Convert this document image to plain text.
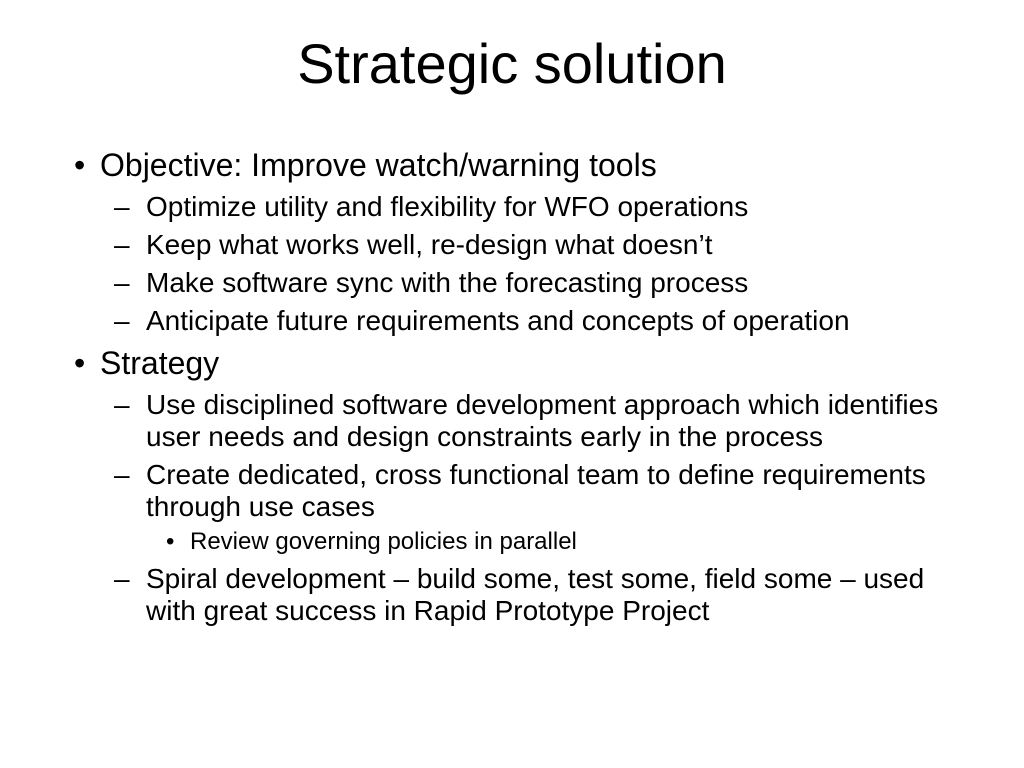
Strategic solution
• Objective: Improve watch/warning tools
– Optimize utility and flexibility for WFO operations
– Keep what works well, re-design what doesn’t
– Make software sync with the forecasting process
– Anticipate future requirements and concepts of operation
• Strategy
– Use disciplined software development approach which identifies user needs and design constraints early in the process
– Create dedicated, cross functional team to define requirements through use cases
• Review governing policies in parallel
– Spiral development – build some, test some, field some – used with great success in Rapid Prototype Project
